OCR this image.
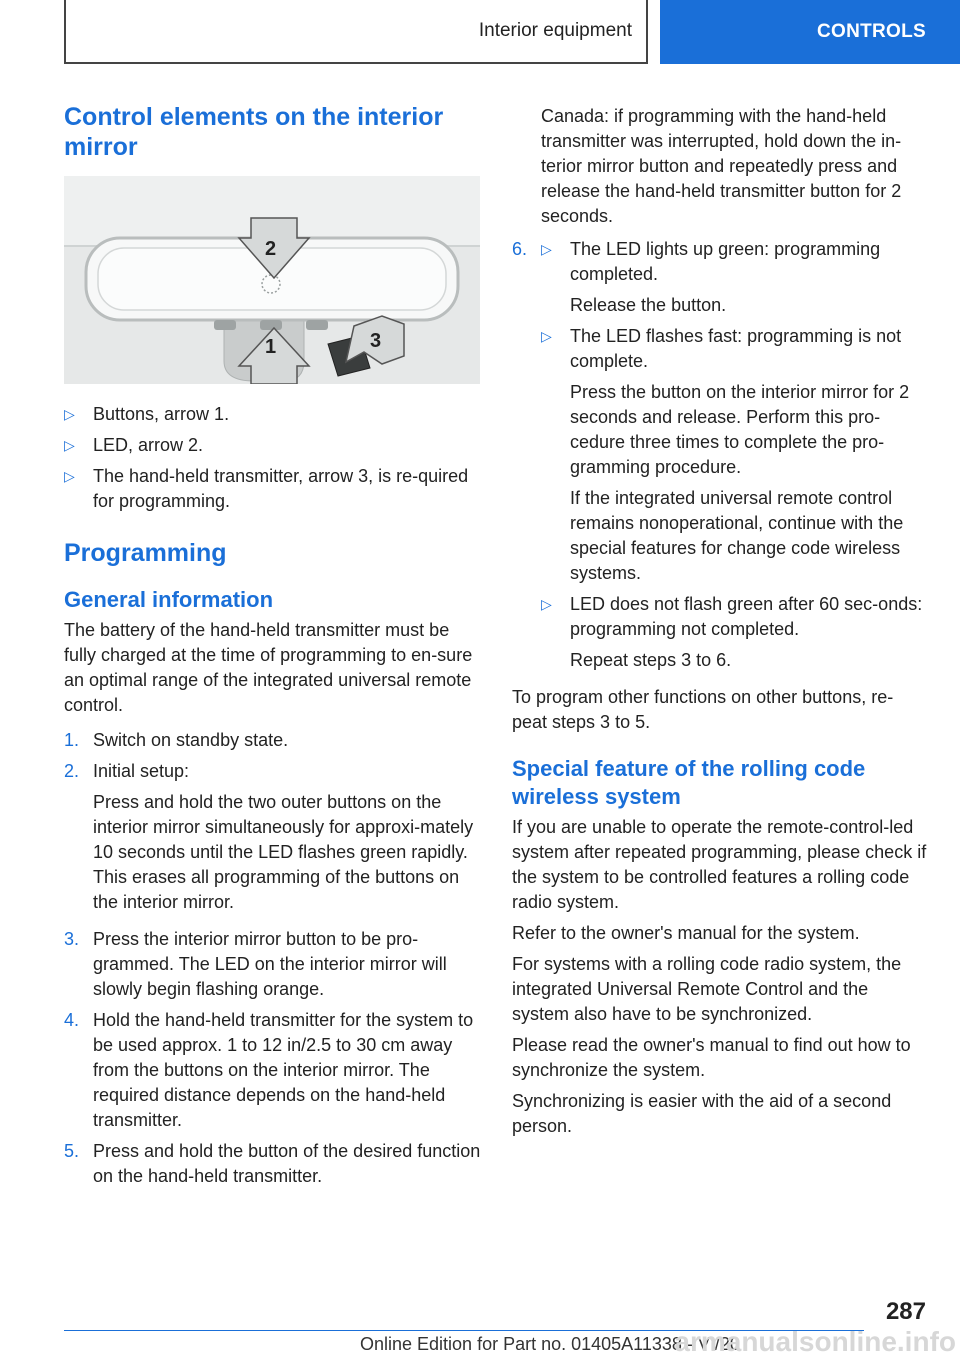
Interior equipment	CONTROLS
Control elements on the interior mirror
2
1	3
▷	Buttons, arrow 1.
▷	LED, arrow 2.
▷	The hand-held transmitter, arrow 3, is re-quired for programming.
Programming
General information

The battery of the hand-held transmitter must be fully charged at the time of programming to en-sure an optimal range of the integrated universal remote control.

1. Switch on standby state.
2. Initial setup:

Press and hold the two outer buttons on the interior mirror simultaneously for approxi-mately 10 seconds until the LED flashes green rapidly. This erases all programming of the buttons on the interior mirror.

3. Press the interior mirror button to be pro-grammed. The LED on the interior mirror will slowly begin flashing orange.
4. Hold the hand-held transmitter for the system to be used approx. 1 to 12 in/2.5 to 30 cm away from the buttons on the interior mirror. The required distance depends on the hand-held transmitter.
5. Press and hold the button of the desired function on the hand-held transmitter.

Canada: if programming with the hand-held transmitter was interrupted, hold down the in-terior mirror button and repeatedly press and release the hand-held transmitter button for 2 seconds.

6. ▷	The LED lights up green: programming completed.

Release the button.

▷	The LED flashes fast: programming is not complete.

Press the button on the interior mirror for 2 seconds and release. Perform this pro-cedure three times to complete the pro-gramming procedure.

If the integrated universal remote control remains nonoperational, continue with the special features for change code wireless systems.

▷	LED does not flash green after 60 sec-onds: programming not completed.

Repeat steps 3 to 6.

To program other functions on other buttons, re-peat steps 3 to 5.

Special feature of the rolling code wireless system

If you are unable to operate the remote-control-led system after repeated programming, please check if the system to be controlled features a rolling code radio system.

Refer to the owner's manual for the system.

For systems with a rolling code radio system, the integrated Universal Remote Control and the system also have to be synchronized.

Please read the owner's manual to find out how to synchronize the system.

Synchronizing is easier with the aid of a second person.

287
Online Edition for Part no. 01405A11338 - VI/20
armanualsonline.info
